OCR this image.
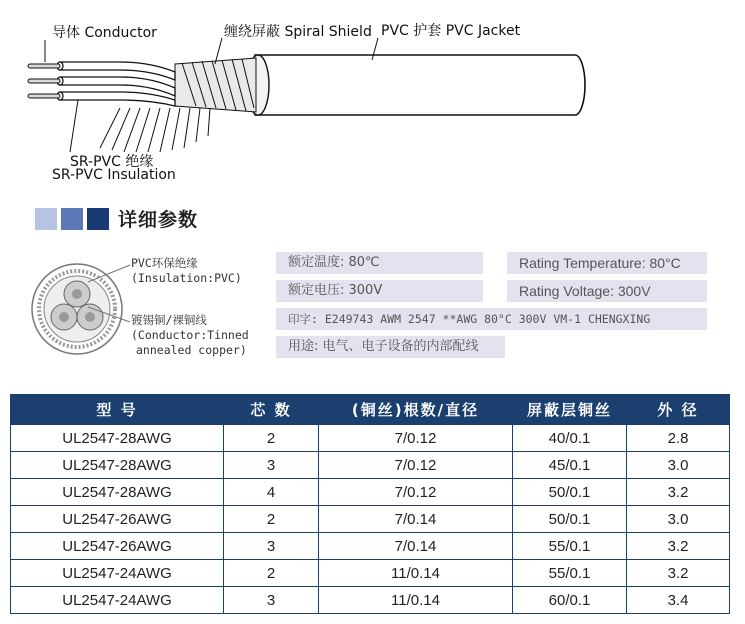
导体 Conductor	缠绕屏蔽 Spiral Shield PVC 护套 PVC Jacket
SR-PVC 绝缘
SR-PVC Insulation
详细参数
PVC环保绝缘
(Insulation:PVC)
镀锡铜/裸铜线
(Conductor:Tinned
annealed copper)
额定温度: 80℃	Rating Temperature: 80°C
额定电压: 300V	Rating Voltage: 300V
印字: E249743 AWM 2547 **AWG 80°C 300V VM-1 CHENGXING
用途: 电气、电子设备的内部配线
型 号	芯 数	(铜丝)根数/直径	屏蔽层铜丝	外 径
UL2547-28AWG	2	7/0.12	40/0.1	2.8
UL2547-28AWG	3	7/0.12	45/0.1	3.0
UL2547-28AWG	4	7/0.12	50/0.1	3.2
UL2547-26AWG	2	7/0.14	50/0.1	3.0
UL2547-26AWG	3	7/0.14	55/0.1	3.2
UL2547-24AWG	2	11/0.14	55/0.1	3.2
UL2547-24AWG	3	11/0.14	60/0.1	3.4
